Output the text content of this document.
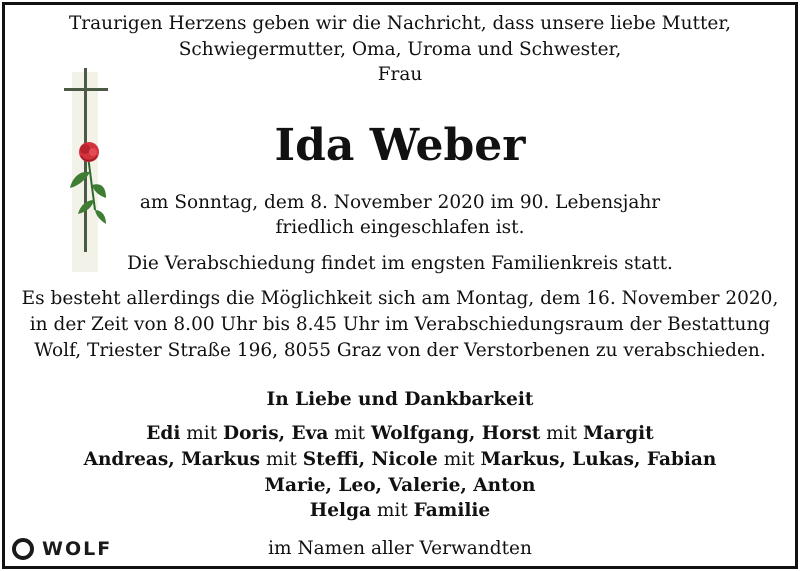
Traurigen Herzens geben wir die Nachricht, dass unsere liebe Mutter,
Schwiegermutter, Oma, Uroma und Schwester,
Frau
Ida Weber
am Sonntag, dem 8. November 2020 im 90. Lebensjahr
friedlich eingeschlafen ist.
Die Verabschiedung findet im engsten Familienkreis statt.
Es besteht allerdings die Möglichkeit sich am Montag, dem 16. November 2020,
in der Zeit von 8.00 Uhr bis 8.45 Uhr im Verabschiedungsraum der Bestattung
Wolf, Triester Straße 196, 8055 Graz von der Verstorbenen zu verabschieden.
In Liebe und Dankbarkeit
Edi mit Doris, Eva mit Wolfgang, Horst mit Margit
Andreas, Markus mit Steffi, Nicole mit Markus, Lukas, Fabian
Marie, Leo, Valerie, Anton
Helga mit Familie
im Namen aller Verwandten
WOLF
